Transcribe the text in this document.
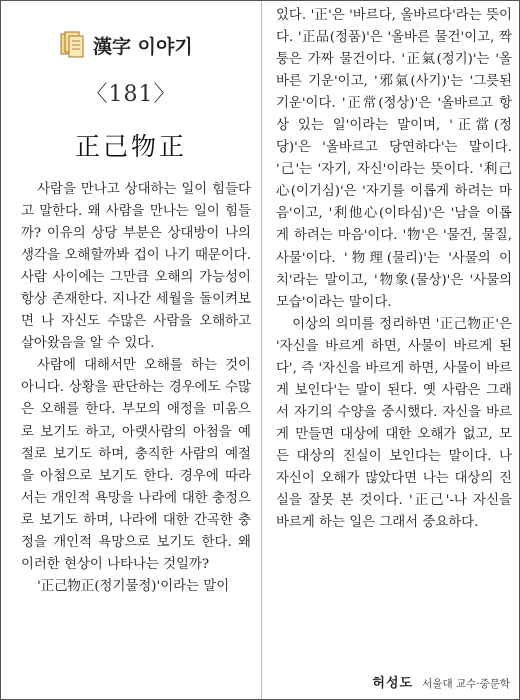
漢字 이야기
〈181〉
正己物正

사람을 만나고 상대하는 일이 힘들다고 말한다. 왜 사람을 만나는 일이 힘들까? 이유의 상당 부분은 상대방이 나의 생각을 오해할까봐 겁이 나기 때문이다. 사람 사이에는 그만큼 오해의 가능성이 항상 존재한다. 지나간 세월을 돌이켜보면 나 자신도 수많은 사람을 오해하고 살아왔음을 알 수 있다.

사람에 대해서만 오해를 하는 것이 아니다. 상황을 판단하는 경우에도 수많은 오해를 한다. 부모의 애정을 미움으로 보기도 하고, 아랫사람의 아첨을 예절로 보기도 하며, 충직한 사람의 예절을 아첨으로 보기도 한다. 경우에 따라서는 개인적 욕망을 나라에 대한 충정으로 보기도 하며, 나라에 대한 간곡한 충정을 개인적 욕망으로 보기도 한다. 왜 이러한 현상이 나타나는 것일까?

'正己物正(정기물정)'이라는 말이

있다. '正'은 '바르다, 올바르다'라는 뜻이다. '正品(정품)'은 '올바른 물건'이고, 짝퉁은 가짜 물건이다. '正氣(정기)'는 '올바른 기운'이고, '邪氣(사기)'는 '그릇된 기운'이다. '正常(정상)'은 '올바르고 항상 있는 일'이라는 말이며, '正當(정당)'은 '올바르고 당연하다'는 말이다. '己'는 '자기, 자신'이라는 뜻이다. '利己心(이기심)'은 '자기를 이롭게 하려는 마음'이고, '利他心(이타심)'은 '남을 이롭게 하려는 마음'이다. '物'은 '물건, 물질, 사물'이다. '物理(물리)'는 '사물의 이치'라는 말이고, '物象(물상)'은 '사물의 모습'이라는 말이다.

이상의 의미를 정리하면 '正己物正'은 '자신을 바르게 하면, 사물이 바르게 된다', 즉 '자신을 바르게 하면, 사물이 바르게 보인다'는 말이 된다. 옛 사람은 그래서 자기의 수양을 중시했다. 자신을 바르게 만들면 대상에 대한 오해가 없고, 모든 대상의 진실이 보인다는 말이다. 나 자신이 오해가 많았다면 나는 대상의 진실을 잘못 본 것이다. '正己'-나 자신을 바르게 하는 일은 그래서 중요하다.

허성도 서울대 교수·중문학
